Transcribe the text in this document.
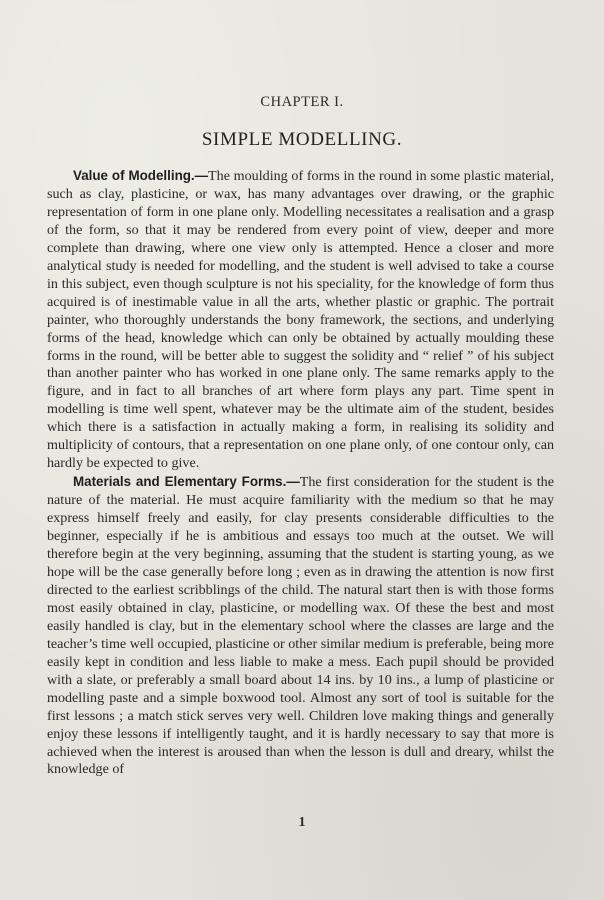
CHAPTER I.
SIMPLE MODELLING.

Value of Modelling.—The moulding of forms in the round in some plastic material, such as clay, plasticine, or wax, has many advantages over drawing, or the graphic representation of form in one plane only. Modelling necessitates a realisation and a grasp of the form, so that it may be rendered from every point of view, deeper and more complete than drawing, where one view only is attempted. Hence a closer and more analytical study is needed for modelling, and the student is well advised to take a course in this subject, even though sculpture is not his speciality, for the knowledge of form thus acquired is of inestimable value in all the arts, whether plastic or graphic. The portrait painter, who thoroughly understands the bony framework, the sections, and underlying forms of the head, knowledge which can only be obtained by actually moulding these forms in the round, will be better able to suggest the solidity and “ relief ” of his subject than another painter who has worked in one plane only. The same remarks apply to the figure, and in fact to all branches of art where form plays any part. Time spent in modelling is time well spent, whatever may be the ultimate aim of the student, besides which there is a satisfaction in actually making a form, in realising its solidity and multiplicity of contours, that a representation on one plane only, of one contour only, can hardly be expected to give.

Materials and Elementary Forms.—The first consideration for the student is the nature of the material. He must acquire familiarity with the medium so that he may express himself freely and easily, for clay presents considerable difficulties to the beginner, especially if he is ambitious and essays too much at the outset. We will therefore begin at the very beginning, assuming that the student is starting young, as we hope will be the case generally before long ; even as in drawing the attention is now first directed to the earliest scribblings of the child. The natural start then is with those forms most easily obtained in clay, plasticine, or modelling wax. Of these the best and most easily handled is clay, but in the elementary school where the classes are large and the teacher’s time well occupied, plasticine or other similar medium is preferable, being more easily kept in condition and less liable to make a mess. Each pupil should be provided with a slate, or preferably a small board about 14 ins. by 10 ins., a lump of plasticine or modelling paste and a simple boxwood tool. Almost any sort of tool is suitable for the first lessons ; a match stick serves very well. Children love making things and generally enjoy these lessons if intelligently taught, and it is hardly necessary to say that more is achieved when the interest is aroused than when the lesson is dull and dreary, whilst the knowledge of

1
